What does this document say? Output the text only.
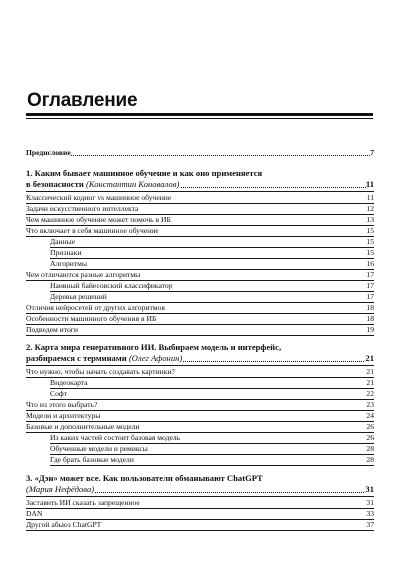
Оглавление
Предисловие	7
1. Каким бывает машинное обучение и как оно применяется
в безопасности (Константин Коновалов)	11
Классический кодинг vs машинное обучение	11
Задачи искусственного интеллекта	12
Чем машинное обучение может помочь в ИБ	13
Что включает в себя машинное обучение	15
Данные	15
Признаки	15
Алгоритмы	16
Чем отличаются разные алгоритмы	17
Наивный байесовский классификатор	17
Деревья решений	17
Отличия нейросетей от других алгоритмов	18
Особенности машинного обучения в ИБ	18
Подведем итоги	19
2. Карта мира генеративного ИИ. Выбираем модель и интерфейс,
разбираемся с терминами (Олег Афонин)	21
Что нужно, чтобы начать создавать картинки?	21
Видеокарта	21
Софт	22
Что из этого выбрать?	23
Модели и архитектуры	24
Базовые и дополнительные модели	26
Из каких частей состоит базовая модель	26
Обученные модели и ремиксы	28
Где брать базовые модели	28
3. «Дэн» может все. Как пользователи обманывают ChatGPT
(Мария Нефёдова)	31
Заставить ИИ сказать запрещенное	31
DAN	33
Другой абьюз ChatGPT	37
